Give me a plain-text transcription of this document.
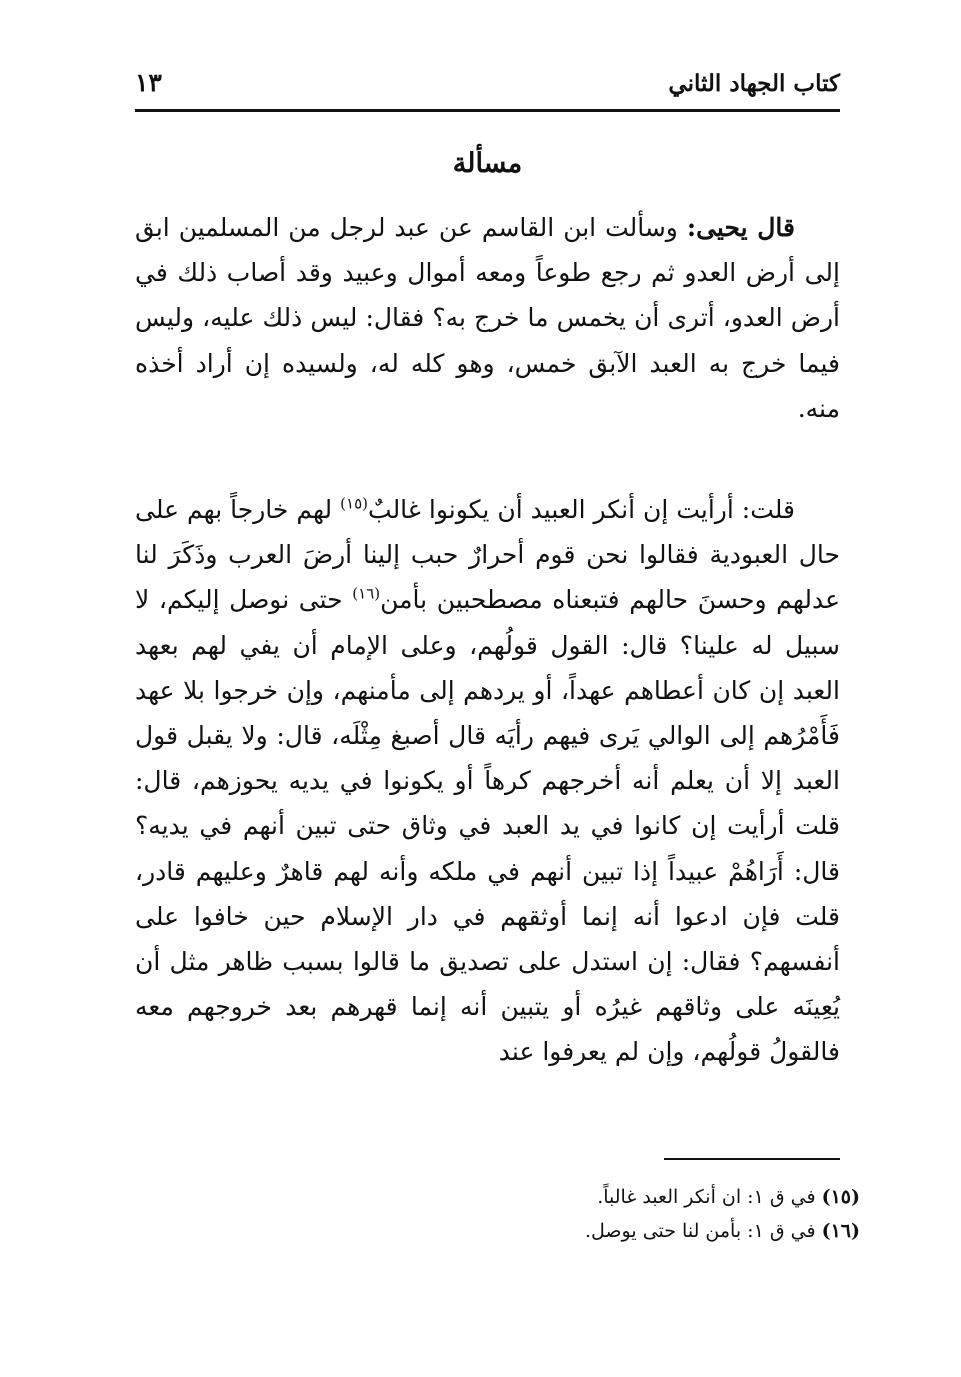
كتاب الجهاد الثاني
١٣
مسألة

قال يحيى: وسألت ابن القاسم عن عبد لرجل من المسلمين ابق إلى أرض العدو ثم رجع طوعاً ومعه أموال وعبيد وقد أصاب ذلك في أرض العدو، أترى أن يخمس ما خرج به؟ فقال: ليس ذلك عليه، وليس فيما خرج به العبد الآبق خمس، وهو كله له، ولسيده إن أراد أخذه منه.

قلت: أرأيت إن أنكر العبيد أن يكونوا غالبٌ$^{(١٥)}$ لهم خارجاً بهم على حال العبودية فقالوا نحن قوم أحرارٌ حبب إلينا أرضَ العرب وذَكَرَ لنا عدلهم وحسنَ حالهم فتبعناه مصطحبين بأمن$^{(١٦)}$ حتى نوصل إليكم، لا سبيل له علينا؟ قال: القول قولُهم، وعلى الإمام أن يفي لهم بعهد العبد إن كان أعطاهم عهداً، أو يردهم إلى مأمنهم، وإن خرجوا بلا عهد فَأَمْرُهم إلى الوالي يَرى فيهم رأيَه قال أصبغ مِثْلَه، قال: ولا يقبل قول العبد إلا أن يعلم أنه أخرجهم كرهاً أو يكونوا في يديه يحوزهم، قال: قلت أرأيت إن كانوا في يد العبد في وثاق حتى تبين أنهم في يديه؟ قال: أَرَاهُمْ عبيداً إذا تبين أنهم في ملكه وأنه لهم قاهرٌ وعليهم قادر، قلت فإن ادعوا أنه إنما أوثقهم في دار الإسلام حين خافوا على أنفسهم؟ فقال: إن استدل على تصديق ما قالوا بسبب ظاهر مثل أن يُعِينَه على وثاقهم غيرُه أو يتبين أنه إنما قهرهم بعد خروجهم معه فالقولُ قولُهم، وإن لم يعرفوا عند

(١٥) في ق ١: ان أنكر العبد غالباً.

(١٦) في ق ١: بأمن لنا حتى يوصل.
